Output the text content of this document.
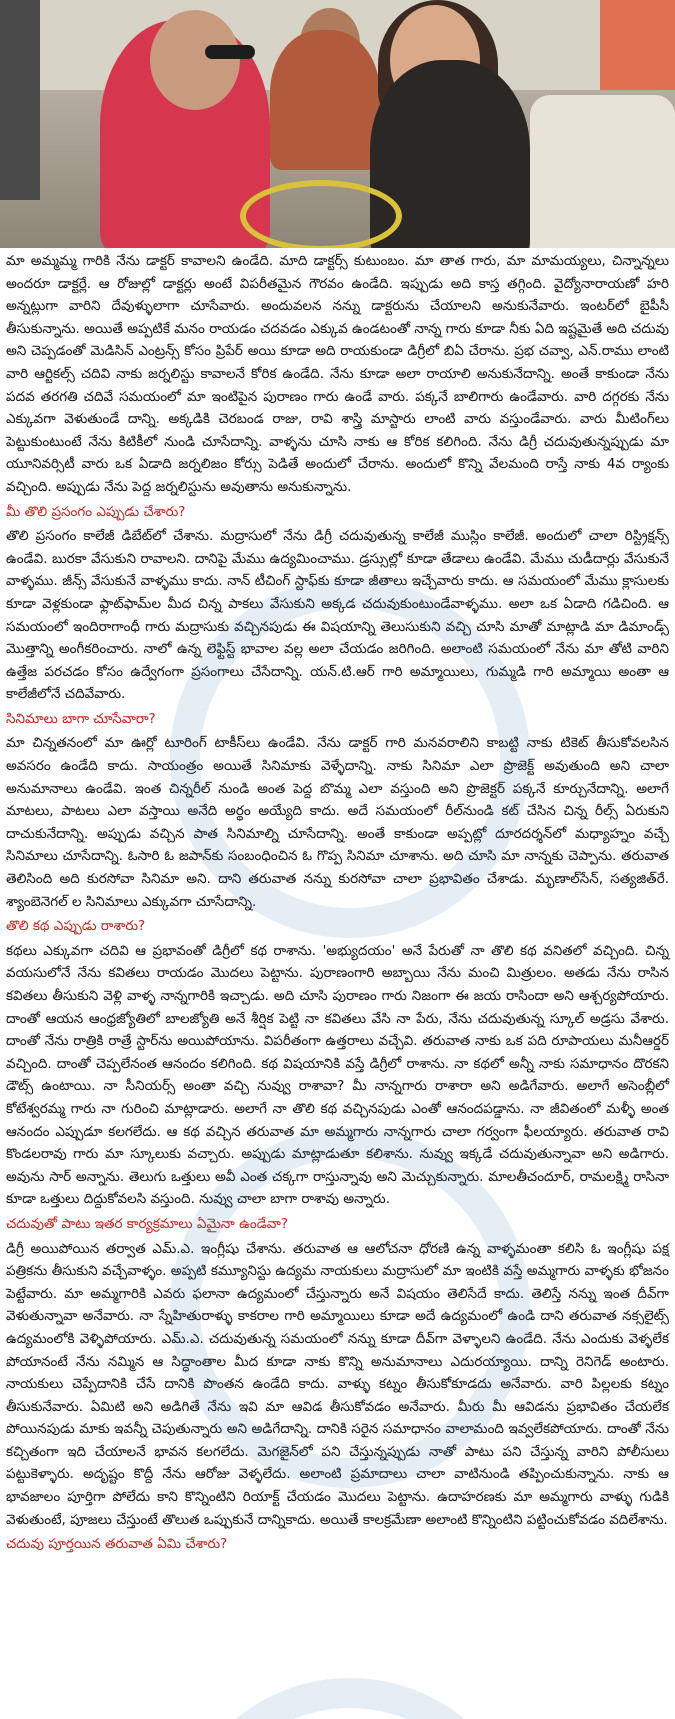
మా అమ్మమ్మ గారికి నేను డాక్టర్ కావాలని ఉండేది. మాది డాక్టర్స్ కుటుంబం. మా తాత గారు, మా మామయ్యలు, చిన్నాన్నలు అందరూ డాక్టర్లే. ఆ రోజుల్లో డాక్టర్లు అంటే విపరీతమైన గౌరవం ఉండేది. ఇప్పుడు అది కాస్త తగ్గింది. వైద్యోనారాయణో హరి అన్నట్లుగా వారిని దేవుళ్ళులాగా చూసేవారు. అందువలన నన్ను డాక్టరును చేయాలని అనుకునేవారు. ఇంటర్‌లో బైపీసీ తీసుకున్నాను. అయితే అప్పటికే మనం రాయడం చదవడం ఎక్కువ ఉండటంతో నాన్న గారు కూడా నీకు ఏది ఇష్టమైతే అది చదువు అని చెప్పడంతో మెడిసిన్ ఎంట్రన్స్ కోసం ప్రిపేర్ అయి కూడా అది రాయకుండా డిగ్రీలో బిఏ చేరాను. ప్రభ చవ్వా, ఎన్.రాము లాంటి వారి ఆర్టికల్స్ చదివి నాకు జర్నలిస్టు కావాలనే కోరిక ఉండేది. నేను కూడా అలా రాయాలి అనుకునేదాన్ని. అంతే కాకుండా నేను పదవ తరగతి చదివే సమయంలో మా ఇంటిపైన పురాణం గారు ఉండే వారు. పక్కనే బాలిగారు ఉండేవారు. వారి దగ్గరకు నేను ఎక్కువగా వెళుతుండే దాన్ని. అక్కడికి చెరబండ రాజు, రావి శాస్త్రి మాస్టారు లాంటి వారు వస్తుండేవారు. వారు మీటింగ్‌లు పెట్టుకుంటుంటే నేను కిటికీలో నుండి చూసేదాన్ని. వాళ్ళను చూసి నాకు ఆ కోరిక కలిగింది. నేను డిగ్రీ చదువుతున్నప్పుడు మా యూనివర్సిటీ వారు ఒక ఏడాది జర్నలిజం కోర్సు పెడితే అందులో చేరాను. అందులో కొన్ని వేలమంది రాస్తే నాకు 4వ ర్యాంకు వచ్చింది. అప్పుడు నేను పెద్ద జర్నలిస్టును అవుతాను అనుకున్నాను.

మీ తొలి ప్రసంగం ఎప్పుడు చేశారు?

తొలి ప్రసంగం కాలేజీ డిబేట్‌లో చేశాను. మద్రాసులో నేను డిగ్రీ చదువుతున్న కాలేజీ ముస్లిం కాలేజీ. అందులో చాలా రిస్ట్రిక్షన్స్ ఉండేవి. బురకా వేసుకుని రావాలని. దానిపై మేము ఉద్యమించాము. డ్రస్సుల్లో కూడా తేడాలు ఉండేవి. మేము చుడీదార్లు వేసుకునే వాళ్ళము. జీన్స్ వేసుకునే వాళ్ళము కాదు. నాన్ టీచింగ్ స్టాఫ్‌కు కూడా జీతాలు ఇచ్చేవారు కాదు. ఆ సమయంలో మేము క్లాసులకు కూడా వెళ్లకుండా ఫ్లాట్‌ఫామ్‌ల మీద చిన్న పాకలు వేసుకుని అక్కడ చదువుకుంటుండేవాళ్ళము. అలా ఒక ఏడాది గడిచింది. ఆ సమయంలో ఇందిరాగాంధీ గారు మద్రాసుకు వచ్చినపుడు ఈ విషయాన్ని తెలుసుకుని వచ్చి చూసి మాతో మాట్లాడి మా డిమాండ్స్ మొత్తాన్ని అంగీకరించారు. నాలో ఉన్న లెఫ్టిస్ట్ భావాల వల్ల అలా చేయడం జరిగింది. అలాంటి సమయంలో నేను మా తోటి వారిని ఉత్తేజ పరచడం కోసం ఉద్వేగంగా ప్రసంగాలు చేసేదాన్ని. యన్.టి.ఆర్ గారి అమ్మాయిలు, గుమ్మడి గారి అమ్మాయి అంతా ఆ కాలేజీలోనే చదివేవారు.

సినిమాలు బాగా చూసేవారా?

మా చిన్నతనంలో మా ఊర్లో టూరింగ్ టాకీస్‌లు ఉండేవి. నేను డాక్టర్ గారి మనవరాలిని కాబట్టి నాకు టికెట్ తీసుకోవలసిన అవసరం ఉండేది కాదు. సాయంత్రం అయితే సినిమాకు వెళ్ళేదాన్ని. నాకు సినిమా ఎలా ప్రొజెక్ట్ అవుతుంది అని చాలా అనుమానాలు ఉండేవి. ఇంత చిన్నరీల్ నుండి అంత పెద్ద బొమ్మ ఎలా వస్తుంది అని ప్రొజెక్టర్ పక్కనే కూర్చునేదాన్ని. అలాగే మాటలు, పాటలు ఎలా వస్తాయి అనేది అర్థం అయ్యేది కాదు. అదే సమయంలో రీల్‌నుండి కట్ చేసిన చిన్న రీల్స్ ఏరుకుని దాచుకునేదాన్ని. అప్పుడు వచ్చిన పాత సినిమాల్ని చూసేదాన్ని. అంతే కాకుండా అప్పట్లో దూరదర్శన్‌లో మధ్యాహ్నం వచ్చే సినిమాలు చూసేదాన్ని. ఓసారి ఓ జపాన్‌కు సంబంధించిన ఓ గొప్ప సినిమా చూశాను. అది చూసి మా నాన్నకు చెప్పాను. తరువాత తెలిసింది అది కురసోవా సినిమా అని. దాని తరువాత నన్ను కురసోవా చాలా ప్రభావితం చేశాడు. మృణాల్‌సేన్, సత్యజిత్‌రే. శ్యాంబెనెగల్ ల సినిమాలు ఎక్కువగా చూసేదాన్ని.

తొలి కథ ఎప్పుడు రాశారు?

కథలు ఎక్కువగా చదివి ఆ ప్రభావంతో డిగ్రీలో కథ రాశాను. 'అభ్యుదయం' అనే పేరుతో నా తొలి కథ వనితలో వచ్చింది. చిన్న వయసులోనే నేను కవితలు రాయడం మొదలు పెట్టాను. పురాణంగారి అబ్బాయి నేను మంచి మిత్రులం. అతడు నేను రాసిన కవితలు తీసుకుని వెళ్లి వాళ్ళ నాన్నగారికి ఇచ్చాడు. అది చూసి పురాణం గారు నిజంగా ఈ జయ రాసిందా అని ఆశ్చర్యపోయారు. దాంతో ఆయన ఆంధ్రజ్యోతిలో బాలజ్యోతి అనే శీర్షిక పెట్టి నా కవితలు వేసి నా పేరు, నేను చదువుతున్న స్కూల్ అడ్రసు వేశారు. దాంతో నేను రాత్రికి రాత్రే స్టార్‌ను అయిపోయాను. విపరీతంగా ఉత్తరాలు వచ్చేవి. తరువాత నాకు ఒక పది రూపాయలు మనీఆర్డర్ వచ్చింది. దాంతో చెప్పలేనంత ఆనందం కలిగింది. కథ విషయానికి వస్తే డిగ్రీలో రాశాను. నా కథలో అన్నీ నాకు సమాధానం దొరకని డౌట్స్ ఉంటాయి. నా సీనియర్స్ అంతా వచ్చి నువ్వు రాశావా? మీ నాన్నగారు రాశారా అని అడిగేవారు. అలాగే అసెంబ్లీలో కోటేశ్వరమ్మ గారు నా గురించి మాట్లాడారు. అలాగే నా తొలి కథ వచ్చినపుడు ఎంతో ఆనందపడ్డాను. నా జీవితంలో మళ్ళీ అంత ఆనందం ఎప్పుడూ కలగలేదు. ఆ కథ వచ్చిన తరువాత మా అమ్మగారు నాన్నగారు చాలా గర్వంగా ఫీలయ్యారు. తరువాత రావి కొండలరావు గారు మా స్కూలుకు వచ్చారు. అప్పుడు మాట్లాడుతూ కలిశాను. నువ్వు ఇక్కడే చదువుతున్నావా అని అడిగారు. అవును సార్ అన్నాను. తెలుగు ఒత్తులు అవీ ఎంత చక్కగా రాస్తున్నావు అని మెచ్చుకున్నారు. మాలతీచందూర్, రామలక్ష్మి రాసినా కూడా ఒత్తులు దిద్దుకోవలసి వస్తుంది. నువ్వు చాలా బాగా రాశావు అన్నారు.

చదువుతో పాటు ఇతర కార్యక్రమాలు ఏమైనా ఉండేవా?

డిగ్రీ అయిపోయిన తర్వాత ఎమ్.ఎ. ఇంగ్లీషు చేశాను. తరువాత ఆ ఆలోచనా ధోరణి ఉన్న వాళ్ళమంతా కలిసి ఓ ఇంగ్లీషు పక్ష పత్రికను తీసుకుని వచ్చేవాళ్ళం. అప్పటి కమ్యూనిస్టు ఉద్యమ నాయకులు మద్రాసులో మా ఇంటికి వస్తే అమ్మగారు వాళ్ళకు భోజనం పెట్టేవారు. మా అమ్మగారికి ఎవరు ఫలానా ఉద్యమంలో చేస్తున్నారు అనే విషయం తెలిసేదే కాదు. తెలిస్తే నన్ను ఇంత దీవ్‌గా వెళుతున్నావా అనేవారు. నా స్నేహితురాళ్ళు కాకరాల గారి అమ్మాయిలు కూడా అదే ఉద్యమంలో ఉండి దాని తరువాత నక్సలైట్స్ ఉద్యమంలోకి వెళ్ళిపోయారు. ఎమ్.ఎ. చదువుతున్న సమయంలో నన్ను కూడా దీవ్‌గా వెళ్ళాలని ఉండేది. నేను ఎందుకు వెళ్ళలేక పోయానంటే నేను నమ్మిన ఆ సిద్ధాంతాల మీద కూడా నాకు కొన్ని అనుమానాలు ఎదురయ్యాయి. దాన్ని రెనిగెడ్ అంటారు. నాయకులు చెప్పేదానికి చేసే దానికి పొంతన ఉండేది కాదు. వాళ్ళు కట్నం తీసుకోకూడదు అనేవారు. వారి పిల్లలకు కట్నం తీసుకునేవారు. ఏమిటి అని అడిగితే నేను ఇవి మా ఆవిడ తీసుకోవడం అనేవారు. మీరు మీ ఆవిడను ప్రభావితం చేయలేక పోయినపుడు మాకు ఇవన్నీ చెపుతున్నారు అని అడిగేదాన్ని. దానికి సరైన సమాధానం వాలామంది ఇవ్వలేకపోయారు. దాంతో నేను కచ్చితంగా ఇది చేయాలనే భావన కలగలేదు. మెగజైన్‌లో పని చేస్తున్నప్పుడు నాతో పాటు పని చేస్తున్న వారిని పోలీసులు పట్టుకెళ్ళారు. అదృష్టం కొద్దీ నేను ఆరోజు వెళ్ళలేదు. అలాంటి ప్రమాదాలు చాలా వాటినుండి తప్పించుకున్నాను. నాకు ఆ భావజాలం పూర్తిగా పోలేదు కాని కొన్నింటిని రియాక్ట్ చేయడం మొదలు పెట్టాను. ఉదాహరణకు మా అమ్మగారు వాళ్ళు గుడికి వెళుతుంటే, పూజలు చేస్తుంటే తొలుత ఒప్పుకునే దాన్నికాదు. అయితే కాలక్రమేణా అలాంటి కొన్నింటిని పట్టించుకోవడం వదిలేశాను.

చదువు పూర్తయిన తరువాత ఏమి చేశారు?
